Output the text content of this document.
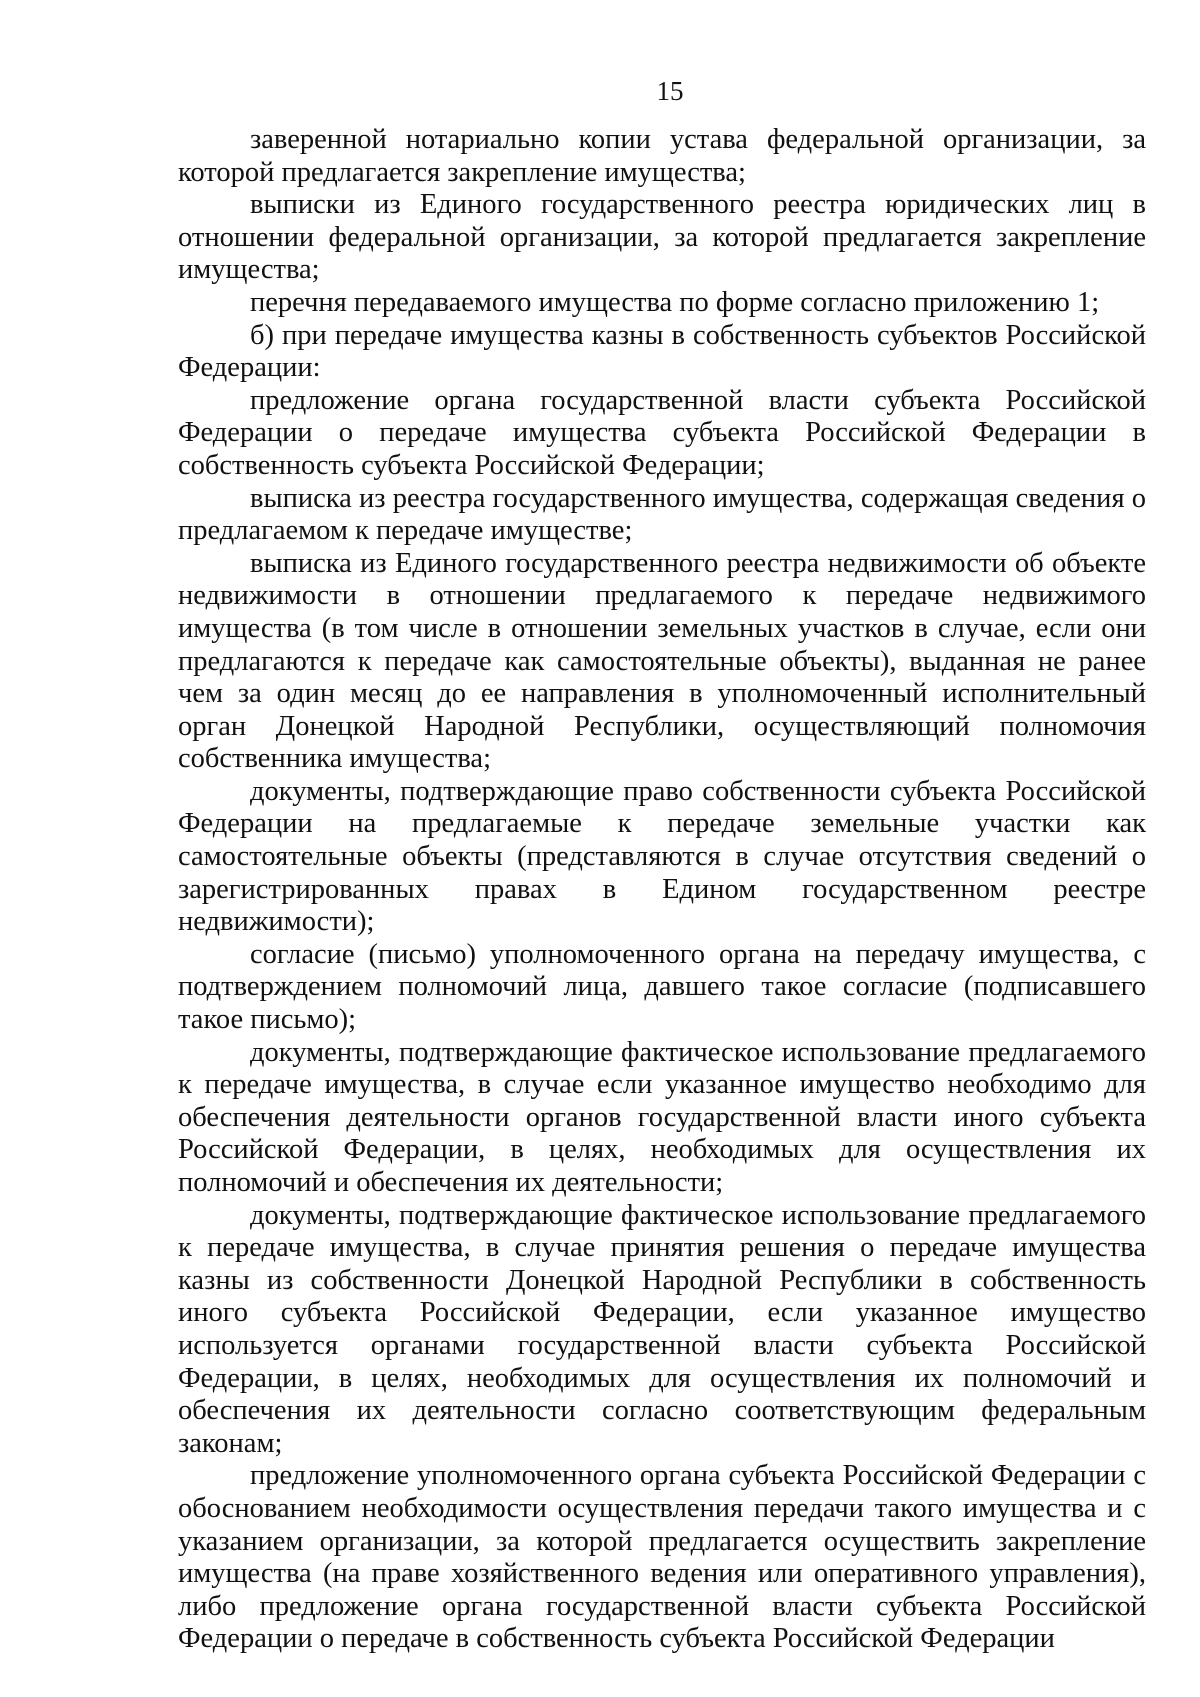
15

заверенной нотариально копии устава федеральной организации, за которой предлагается закрепление имущества;

выписки из Единого государственного реестра юридических лиц в отношении федеральной организации, за которой предлагается закрепление имущества;

перечня передаваемого имущества по форме согласно приложению 1;

б) при передаче имущества казны в собственность субъектов Российской Федерации:

предложение органа государственной власти субъекта Российской Федерации о передаче имущества субъекта Российской Федерации в собственность субъекта Российской Федерации;

выписка из реестра государственного имущества, содержащая сведения о предлагаемом к передаче имуществе;

выписка из Единого государственного реестра недвижимости об объекте недвижимости в отношении предлагаемого к передаче недвижимого имущества (в том числе в отношении земельных участков в случае, если они предлагаются к передаче как самостоятельные объекты), выданная не ранее чем за один месяц до ее направления в уполномоченный исполнительный орган Донецкой Народной Республики, осуществляющий полномочия собственника имущества;

документы, подтверждающие право собственности субъекта Российской Федерации на предлагаемые к передаче земельные участки как самостоятельные объекты (представляются в случае отсутствия сведений о зарегистрированных правах в Едином государственном реестре недвижимости);

согласие (письмо) уполномоченного органа на передачу имущества, с подтверждением полномочий лица, давшего такое согласие (подписавшего такое письмо);

документы, подтверждающие фактическое использование предлагаемого к передаче имущества, в случае если указанное имущество необходимо для обеспечения деятельности органов государственной власти иного субъекта Российской Федерации, в целях, необходимых для осуществления их полномочий и обеспечения их деятельности;

документы, подтверждающие фактическое использование предлагаемого к передаче имущества, в случае принятия решения о передаче имущества казны из собственности Донецкой Народной Республики в собственность иного субъекта Российской Федерации, если указанное имущество используется органами государственной власти субъекта Российской Федерации, в целях, необходимых для осуществления их полномочий и обеспечения их деятельности согласно соответствующим федеральным законам;

предложение уполномоченного органа субъекта Российской Федерации с обоснованием необходимости осуществления передачи такого имущества и с указанием организации, за которой предлагается осуществить закрепление имущества (на праве хозяйственного ведения или оперативного управления), либо предложение органа государственной власти субъекта Российской Федерации о передаче в собственность субъекта Российской Федерации
